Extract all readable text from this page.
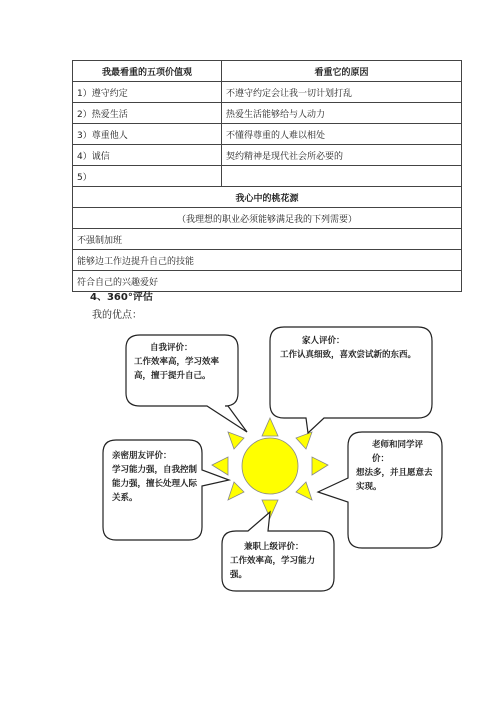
我最看重的五项价值观	看重它的原因
1）遵守约定	不遵守约定会让我一切计划打乱
2）热爱生活	热爱生活能够给与人动力
3）尊重他人	不懂得尊重的人难以相处
4）诚信	契约精神是现代社会所必要的
5）	
我心中的桃花源	
（我理想的职业必须能够满足我的下列需要）	
不强制加班	
能够边工作边提升自己的技能	
符合自己的兴趣爱好	
4、360°评估
我的优点：
自我评价：
工作效率高，学习效率高，擅于提升自己。
家人评价：
工作认真细致，喜欢尝试新的东西。
亲密朋友评价：
学习能力强，自我控制能力强，擅长处理人际关系。
老师和同学评价：
想法多，并且愿意去实现。
兼职上级评价：
工作效率高，学习能力强。
